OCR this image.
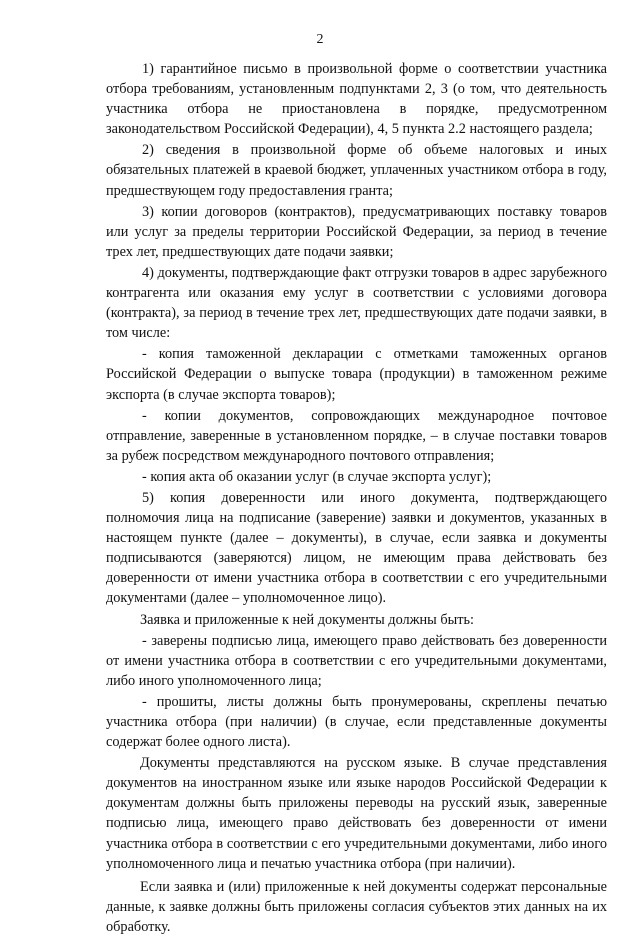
2

1) гарантийное письмо в произвольной форме о соответствии участника отбора требованиям, установленным подпунктами 2, 3 (о том, что деятельность участника отбора не приостановлена в порядке, предусмотренном законодательством Российской Федерации), 4, 5 пункта 2.2 настоящего раздела;

2) сведения в произвольной форме об объеме налоговых и иных обязательных платежей в краевой бюджет, уплаченных участником отбора в году, предшествующем году предоставления гранта;

3) копии договоров (контрактов), предусматривающих поставку товаров или услуг за пределы территории Российской Федерации, за период в течение трех лет, предшествующих дате подачи заявки;

4) документы, подтверждающие факт отгрузки товаров в адрес зарубежного контрагента или оказания ему услуг в соответствии с условиями договора (контракта), за период в течение трех лет, предшествующих дате подачи заявки, в том числе:

- копия таможенной декларации с отметками таможенных органов Российской Федерации о выпуске товара (продукции) в таможенном режиме экспорта (в случае экспорта товаров);

- копии документов, сопровождающих международное почтовое отправление, заверенные в установленном порядке, – в случае поставки товаров за рубеж посредством международного почтового отправления;

- копия акта об оказании услуг (в случае экспорта услуг);

5) копия доверенности или иного документа, подтверждающего полномочия лица на подписание (заверение) заявки и документов, указанных в настоящем пункте (далее – документы), в случае, если заявка и документы подписываются (заверяются) лицом, не имеющим права действовать без доверенности от имени участника отбора в соответствии с его учредительными документами (далее – уполномоченное лицо).

Заявка и приложенные к ней документы должны быть:

- заверены подписью лица, имеющего право действовать без доверенности от имени участника отбора в соответствии с его учредительными документами, либо иного уполномоченного лица;

- прошиты, листы должны быть пронумерованы, скреплены печатью участника отбора (при наличии) (в случае, если представленные документы содержат более одного листа).

Документы представляются на русском языке. В случае представления документов на иностранном языке или языке народов Российской Федерации к документам должны быть приложены переводы на русский язык, заверенные подписью лица, имеющего право действовать без доверенности от имени участника отбора в соответствии с его учредительными документами, либо иного уполномоченного лица и печатью участника отбора (при наличии).

Если заявка и (или) приложенные к ней документы содержат персональные данные, к заявке должны быть приложены согласия субъектов этих данных на их обработку.
